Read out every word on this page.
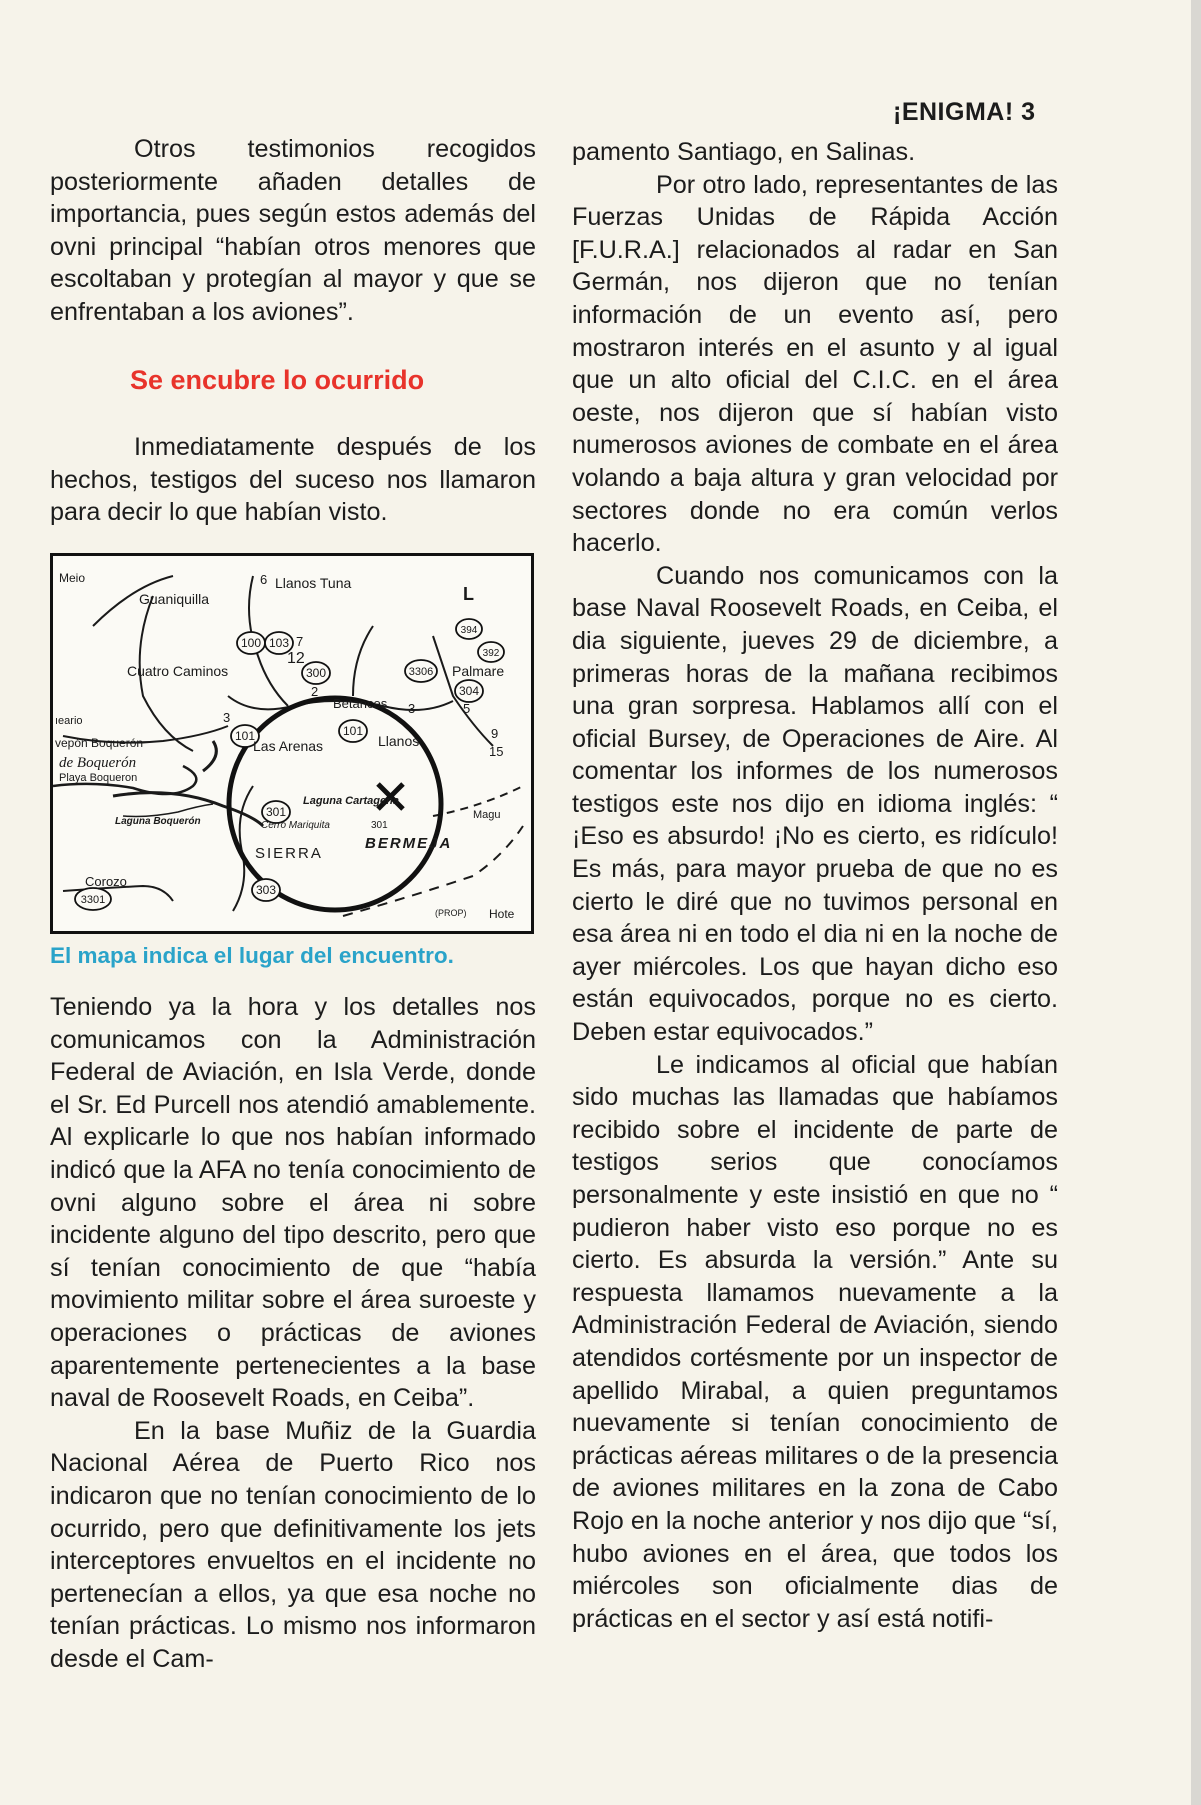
¡ENIGMA! 3

Otros testimonios recogidos posteriormente añaden detalles de importancia, pues según estos además del ovni principal “habían otros menores que escoltaban y protegían al mayor y que se enfrentaban a los aviones”.

Se encubre lo ocurrido

Inmediatamente después de los hechos, testigos del suceso nos llamaron para decir lo que habían visto.

100 103
300	3306
304
101	101
301
303
3301
394
392
6
7
12
2
3
3	5
9
15
Meio
Guaniquilla
Llanos Tuna
L
Cuatro Caminos	Palmare
Betances
ıeario
vерón Boquerón
de Boquerón
Playa Boqueron
Las Arenas	Llanos
Laguna Cartagena
Magu
Laguna Boquerón	Cerro Mariquita	301
SIERRA
BERMEJA
Corozo
Hote
(PROP)
El mapa indica el lugar del encuentro.

Teniendo ya la hora y los detalles nos comunicamos con la Administración Federal de Aviación, en Isla Verde, donde el Sr. Ed Purcell nos atendió amablemente. Al explicarle lo que nos habían informado indicó que la AFA no tenía conocimiento de ovni alguno sobre el área ni sobre incidente alguno del tipo descrito, pero que sí tenían conocimiento de que “había movimiento militar sobre el área suroeste y operaciones o prácticas de aviones aparentemente pertenecientes a la base naval de Roosevelt Roads, en Ceiba”.

En la base Muñiz de la Guardia Nacional Aérea de Puerto Rico nos indicaron que no tenían conocimiento de lo ocurrido, pero que definitivamente los jets interceptores envueltos en el incidente no pertenecían a ellos, ya que esa noche no tenían prácticas. Lo mismo nos informaron desde el Cam-

pamento Santiago, en Salinas.

Por otro lado, representantes de las Fuerzas Unidas de Rápida Acción [F.U.R.A.] relacionados al radar en San Germán, nos dijeron que no tenían información de un evento así, pero mostraron interés en el asunto y al igual que un alto oficial del C.I.C. en el área oeste, nos dijeron que sí habían visto numerosos aviones de combate en el área volando a baja altura y gran velocidad por sectores donde no era común verlos hacerlo.

Cuando nos comunicamos con la base Naval Roosevelt Roads, en Ceiba, el dia siguiente, jueves 29 de diciembre, a primeras horas de la mañana recibimos una gran sorpresa. Hablamos allí con el oficial Bursey, de Operaciones de Aire. Al comentar los informes de los numerosos testigos este nos dijo en idioma inglés: “ ¡Eso es absurdo! ¡No es cierto, es ridículo! Es más, para mayor prueba de que no es cierto le diré que no tuvimos personal en esa área ni en todo el dia ni en la noche de ayer miércoles. Los que hayan dicho eso están equivocados, porque no es cierto. Deben estar equivocados.”

Le indicamos al oficial que habían sido muchas las llamadas que habíamos recibido sobre el incidente de parte de testigos serios que conocíamos personalmente y este insistió en que no “ pudieron haber visto eso porque no es cierto. Es absurda la versión.” Ante su respuesta llamamos nuevamente a la Administración Federal de Aviación, siendo atendidos cortésmente por un inspector de apellido Mirabal, a quien preguntamos nuevamente si tenían conocimiento de prácticas aéreas militares o de la presencia de aviones militares en la zona de Cabo Rojo en la noche anterior y nos dijo que “sí, hubo aviones en el área, que todos los miércoles son oficialmente dias de prácticas en el sector y así está notifi-
